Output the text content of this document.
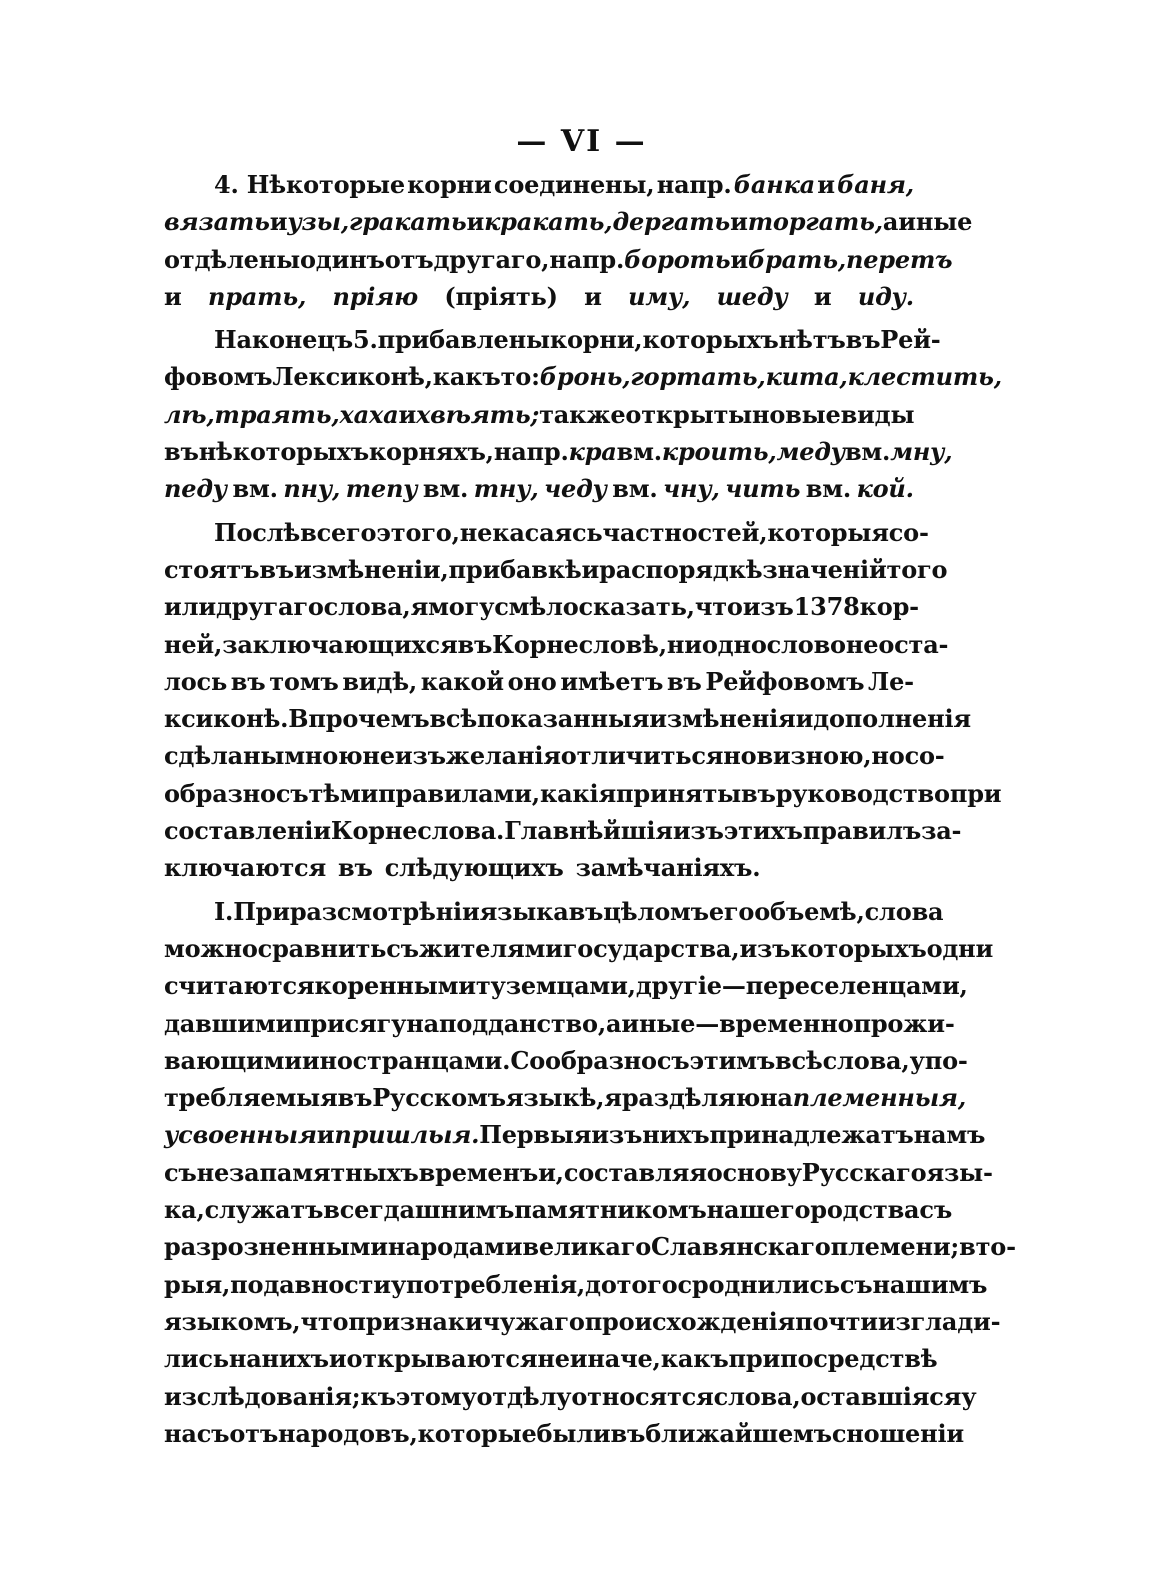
— VI —
4. Нѣкоторые корни соединены, напр. банка и баня,
вязать и узы, гракать и кракать, дергать и торгать, а иные
отдѣлены одинъ отъ другаго, напр. бороть и брать, перетъ
и прать, прiяю (прiять) и иму, шеду и иду.
Наконецъ 5. прибавлены корни, которыхъ нѣтъ въ Рей-
фовомъ Лексиконѣ, какъ то: бронь, гортать, кита, клестить,
лѣ, траять, хаха и хвѣять; также открыты новые виды
въ нѣкоторыхъ корняхъ, напр. кра вм. кроить, меду вм. мну,
педу вм. пну, тепу вм. тну, чеду вм. чну, чить вм. кой.
Послѣ всего этого, не касаясь частностей, которыя со-
стоятъ въ измѣненiи, прибавкѣ и распорядкѣ значенiй того
или другаго слова, я могу смѣло сказать, что изъ 1378 кор-
ней, заключающихся въ Корнесловѣ, ни одно слово не оста-
лось въ томъ видѣ, какой оно имѣетъ въ Рейфовомъ Ле-
ксиконѣ. Впрочемъ всѣ показанныя измѣненiя и дополненiя
сдѣланы мною не изъ желанiя отличиться новизною, но со-
образно съ тѣми правилами, какiя приняты въ руководство при
составленiи Корнеслова. Главнѣйшiя изъ этихъ правилъ за-
ключаются въ слѣдующихъ замѣчанiяхъ.
I. При разсмотрѣнiи языка въ цѣломъ его объемѣ, слова
можно сравнить съ жителями государства, изъ которыхъ одни
считаются коренными туземцами, другiе — переселенцами,
давшими присягу на подданство, а иные — временно прожи-
вающими иностранцами. Сообразно съ этимъ всѣ слова, упо-
требляемыя въ Русскомъ языкѣ, я раздѣляю на племенныя,
усвоенныя и пришлыя. Первыя изъ нихъ принадлежатъ намъ
съ незапамятныхъ временъ и, составляя основу Русскаго язы-
ка, служатъ всегдашнимъ памятникомъ нашего родства съ
разрозненными народами великаго Славянскаго племени; вто-
рыя, по давности употребленiя, до того сроднились съ нашимъ
языкомъ, что признаки чужаго происхожденiя почти изглади-
лись на нихъ и открываются не иначе, какъ при посредствѣ
изслѣдованiя; къ этому отдѣлу относятся слова, оставшiяся у
насъ отъ народовъ, которые были въ ближайшемъ сношенiи
